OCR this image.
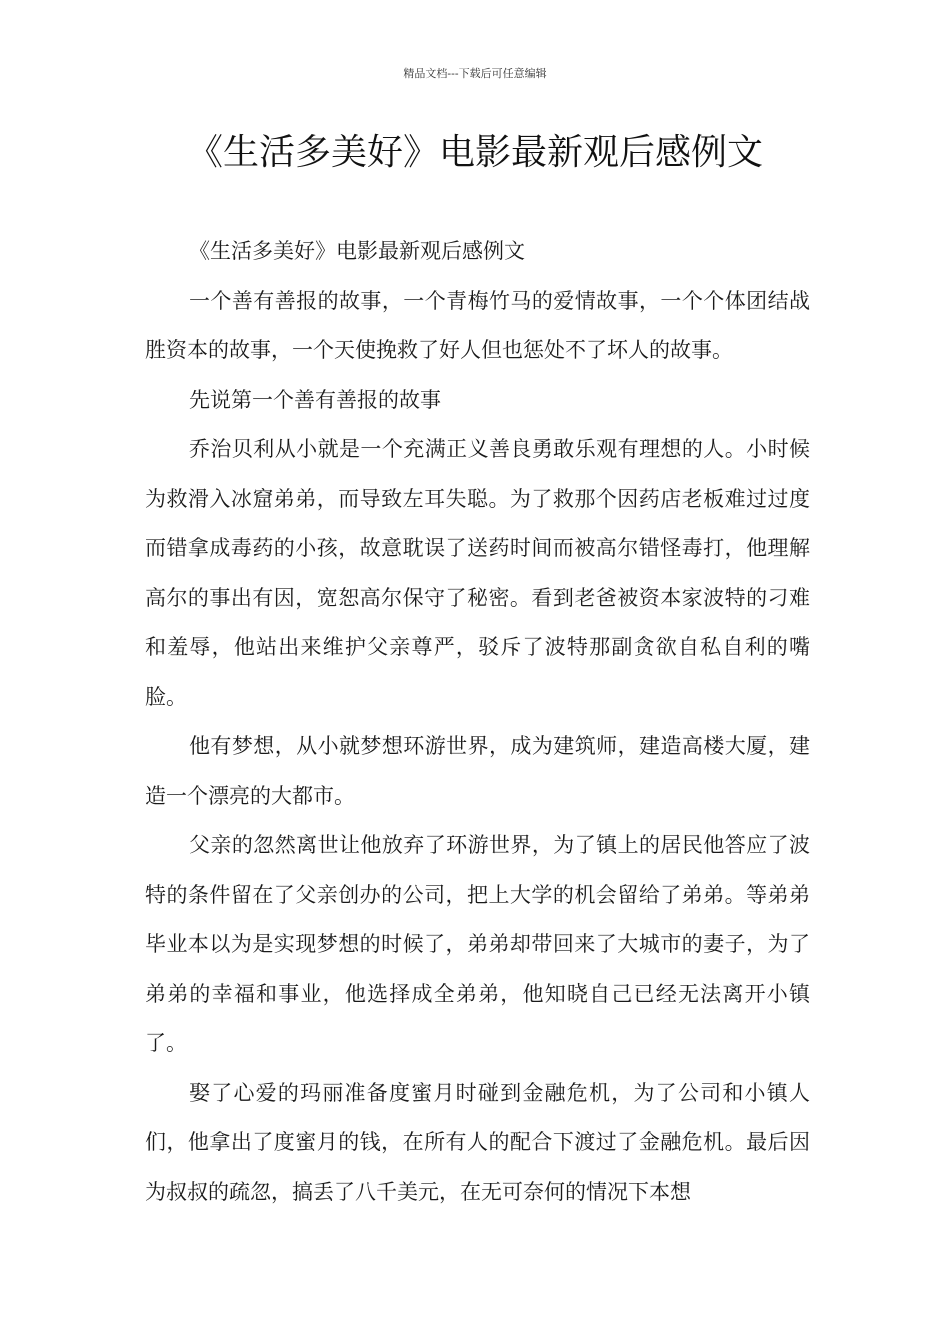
精品文档---下载后可任意编辑
《生活多美好》电影最新观后感例文

《生活多美好》电影最新观后感例文

一个善有善报的故事，一个青梅竹马的爱情故事，一个个体团结战胜资本的故事，一个天使挽救了好人但也惩处不了坏人的故事。

先说第一个善有善报的故事

乔治贝利从小就是一个充满正义善良勇敢乐观有理想的人。小时候为救滑入冰窟弟弟，而导致左耳失聪。为了救那个因药店老板难过过度而错拿成毒药的小孩，故意耽误了送药时间而被高尔错怪毒打，他理解高尔的事出有因，宽恕高尔保守了秘密。看到老爸被资本家波特的刁难和羞辱，他站出来维护父亲尊严，驳斥了波特那副贪欲自私自利的嘴脸。

他有梦想，从小就梦想环游世界，成为建筑师，建造高楼大厦，建造一个漂亮的大都市。

父亲的忽然离世让他放弃了环游世界，为了镇上的居民他答应了波特的条件留在了父亲创办的公司，把上大学的机会留给了弟弟。等弟弟毕业本以为是实现梦想的时候了，弟弟却带回来了大城市的妻子，为了弟弟的幸福和事业，他选择成全弟弟，他知晓自己已经无法离开小镇了。

娶了心爱的玛丽准备度蜜月时碰到金融危机，为了公司和小镇人们，他拿出了度蜜月的钱，在所有人的配合下渡过了金融危机。最后因为叔叔的疏忽，搞丢了八千美元，在无可奈何的情况下本想
